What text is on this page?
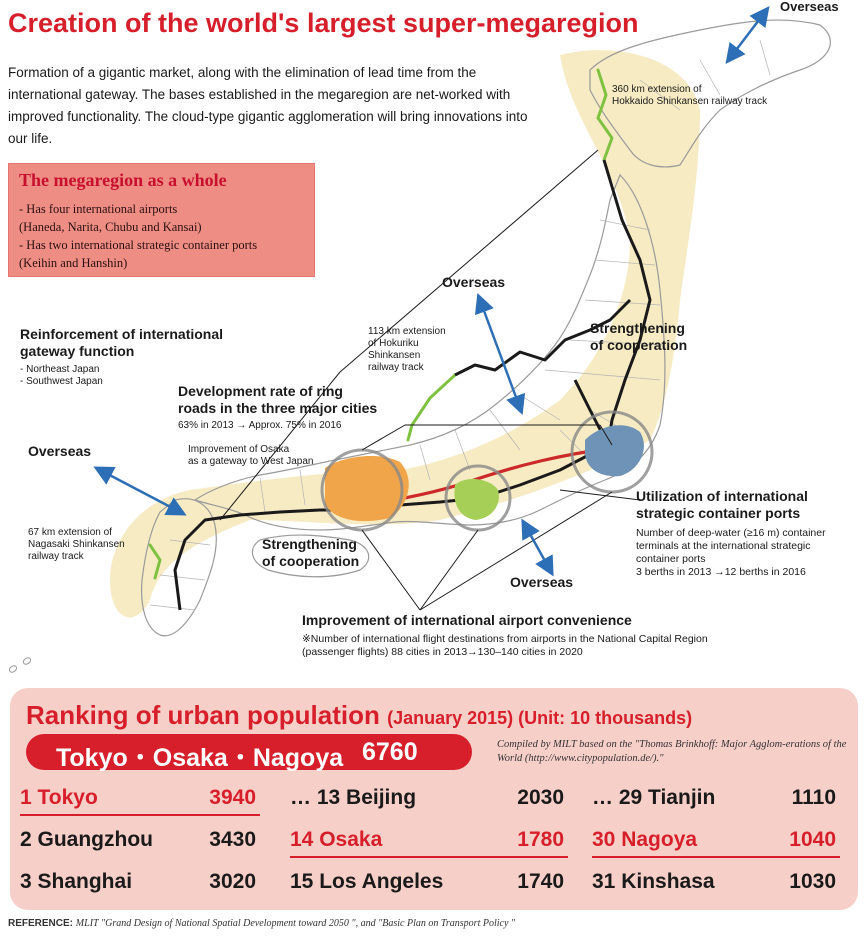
Creation of the world's largest super-megaregion

Formation of a gigantic market, along with the elimination of lead time from the international gateway. The bases established in the megaregion are net-worked with improved functionality. The cloud-type gigantic agglomeration will bring innovations into our life.

The megaregion as a whole
- Has four international airports
(Haneda, Narita, Chubu and Kansai)
- Has two international strategic container ports
(Keihin and Hanshin)
Overseas
Overseas
Overseas
Overseas
360 km extension of
Hokkaido Shinkansen railway track
113 km extension
of Hokuriku
Shinkansen
railway track
67 km extension of
Nagasaki Shinkansen
railway track
Reinforcement of international
gateway function
- Northeast Japan
- Southwest Japan
Strengthening
of cooperation
Strengthening
of cooperation
Development rate of ring
roads in the three major cities
63% in 2013 → Approx. 75% in 2016
Improvement of Osaka
as a gateway to West Japan
Utilization of international
strategic container ports
Number of deep-water (≥16 m) container
terminals at the international strategic
container ports
3 berths in 2013 →12 berths in 2016
Improvement of international airport convenience
※Number of international flight destinations from airports in the National Capital Region
(passenger flights) 88 cities in 2013→130–140 cities in 2020
Ranking of urban population (January 2015) (Unit: 10 thousands)
Tokyo・Osaka・Nagoya 6760	Compiled by MILT based on the "Thomas Brinkhoff: Major Agglom-erations of the World (http://www.citypopulation.de/)."
1 Tokyo	3940
2 Guangzhou	3430
3 Shanghai	3020
… 13 Beijing	2030
14 Osaka	1780
15 Los Angeles	1740
… 29 Tianjin	1110
30 Nagoya	1040
31 Kinshasa	1030
REFERENCE: MLIT "Grand Design of National Spatial Development toward 2050 ", and "Basic Plan on Transport Policy "
